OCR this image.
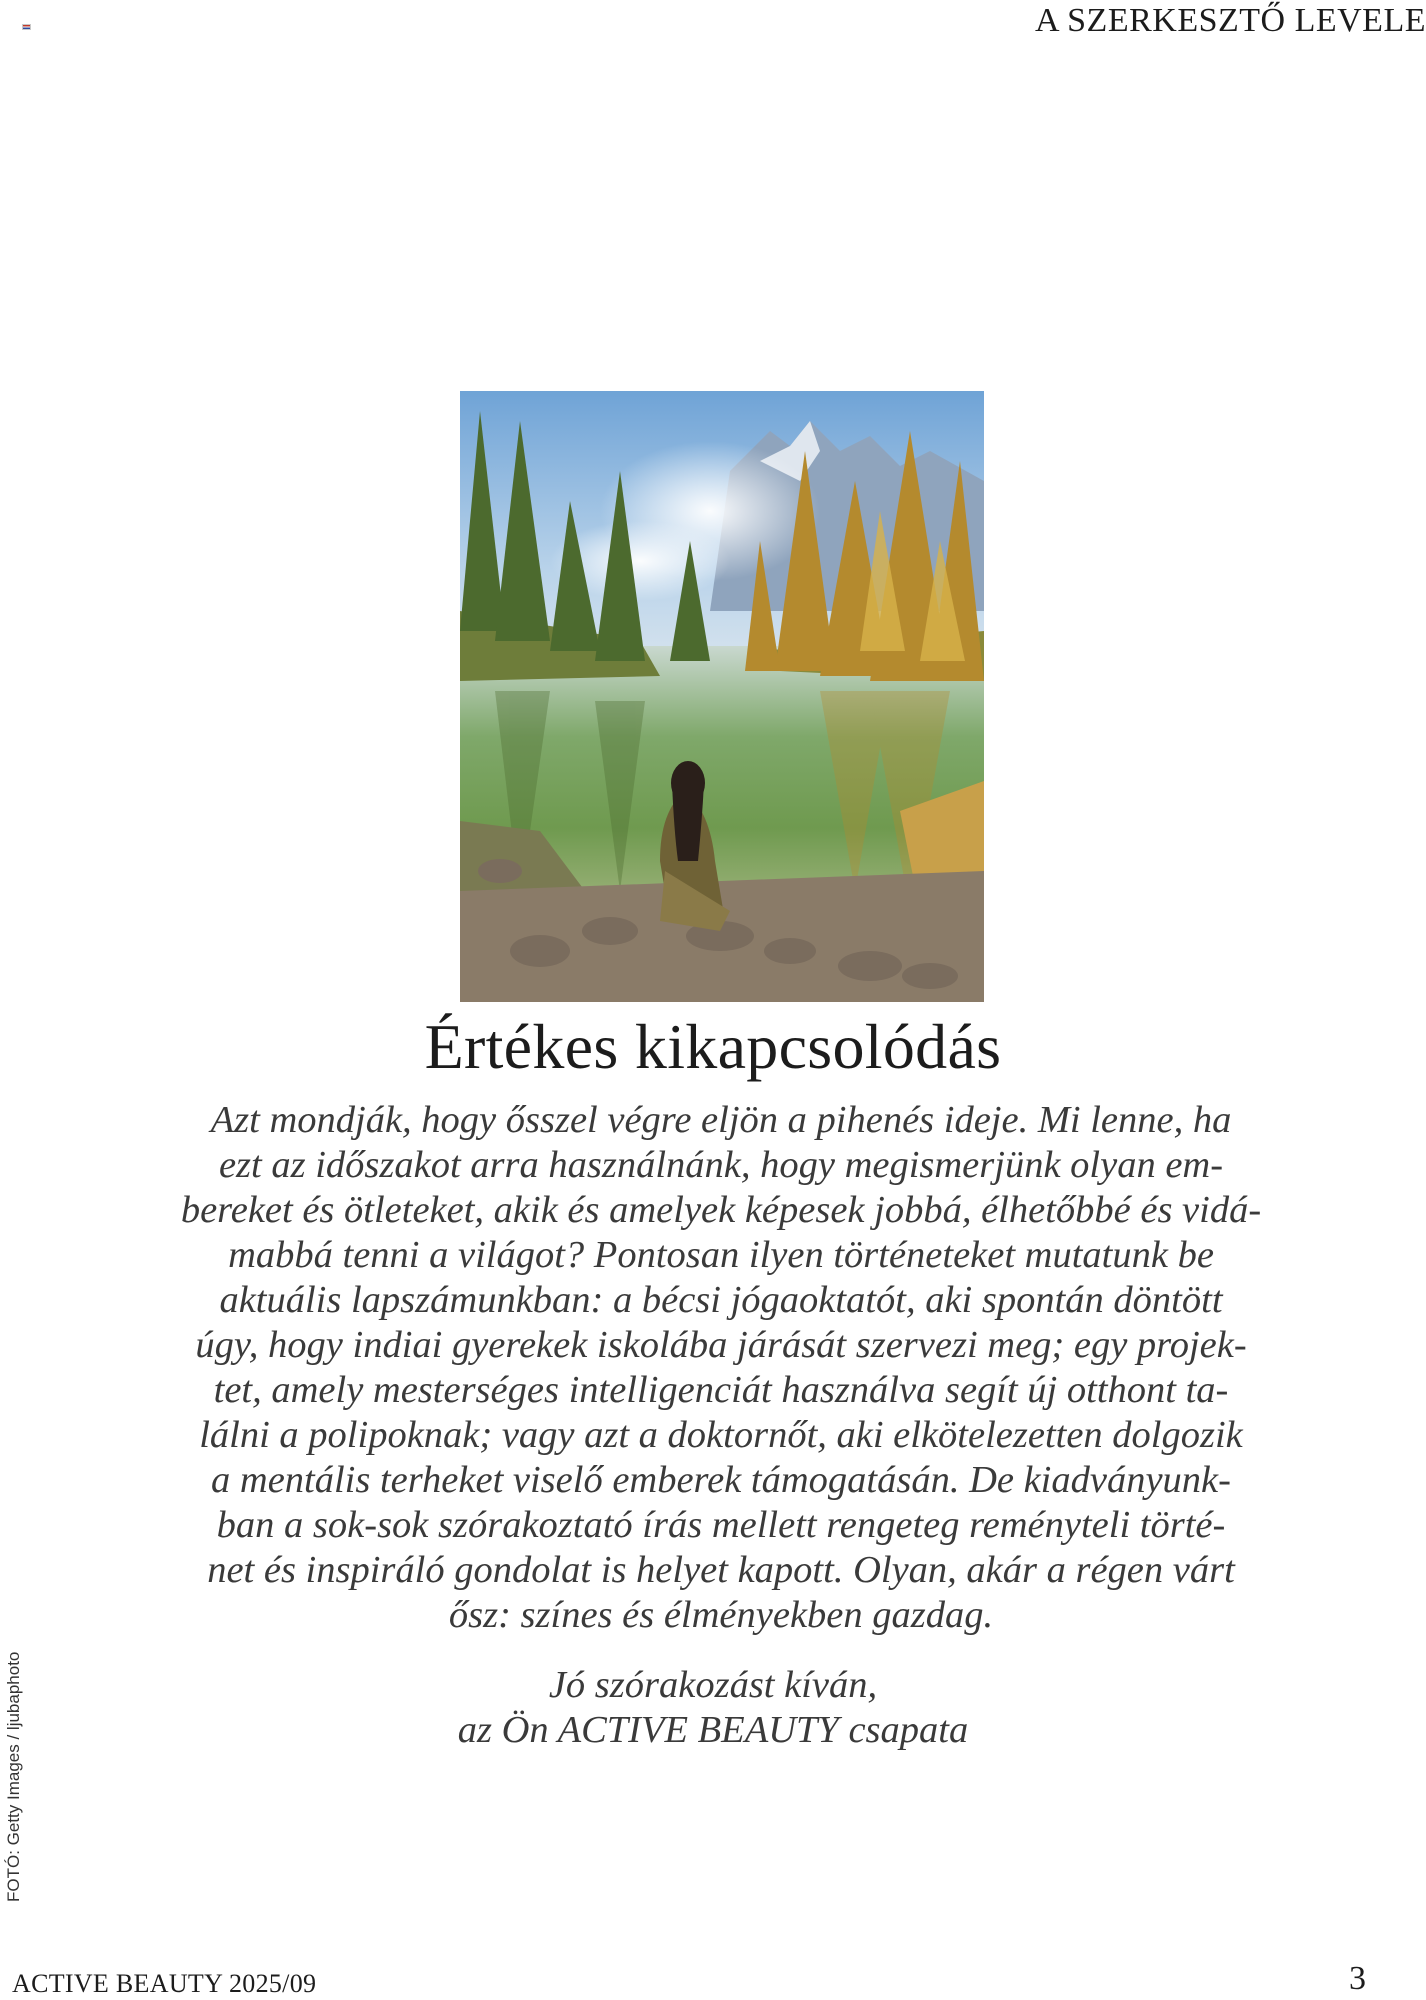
A SZERKESZTŐ LEVELE
Értékes kikapcsolódás
Azt mondják, hogy ősszel végre eljön a pihenés ideje. Mi lenne, ha
ezt az időszakot arra használnánk, hogy megismerjünk olyan em-
bereket és ötleteket, akik és amelyek képesek jobbá, élhetőbbé és vidá-
mabbá tenni a világot? Pontosan ilyen történeteket mutatunk be
aktuális lapszámunkban: a bécsi jógaoktatót, aki spontán döntött
úgy, hogy indiai gyerekek iskolába járását szervezi meg; egy projek-
tet, amely mesterséges intelligenciát használva segít új otthont ta-
lálni a polipoknak; vagy azt a doktornőt, aki elkötelezetten dolgozik
a mentális terheket viselő emberek támogatásán. De kiadványunk-
ban a sok-sok szórakoztató írás mellett rengeteg reményteli törté-
net és inspiráló gondolat is helyet kapott. Olyan, akár a régen várt
ősz: színes és élményekben gazdag.
Jó szórakozást kíván,
az Ön ACTIVE BEAUTY csapata
FOTÓ: Getty Images / ljubaphoto
ACTIVE BEAUTY 2025/09	3
